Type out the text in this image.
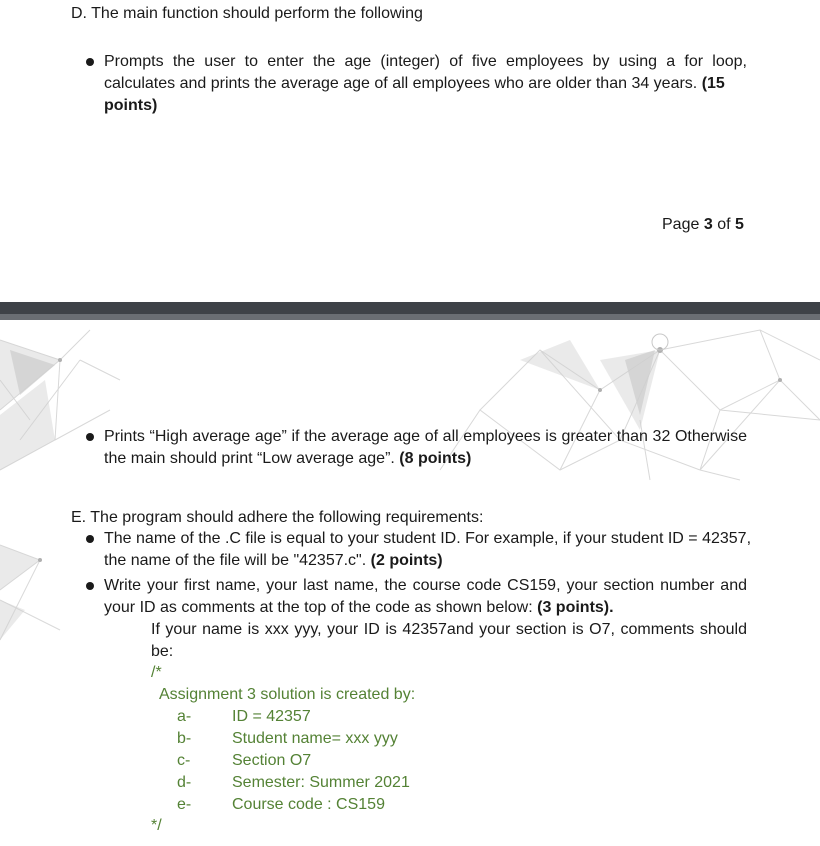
D. The main function should perform the following
Prompts the user to enter the age (integer) of five employees by using a for loop,
calculates and prints the average age of all employees who are older than 34 years. (15
points)
Page 3 of 5
Prints “High average age” if the average age of all employees is greater than 32 Otherwise
the main should print “Low average age”. (8 points)
E. The program should adhere the following requirements:
The name of the .C file is equal to your student ID. For example, if your student ID = 42357,
the name of the file will be "42357.c". (2 points)
Write your first name, your last name, the course code CS159, your section number and
your ID as comments at the top of the code as shown below: (3 points).
If your name is xxx yyy, your ID is 42357and your section is O7, comments should
be:
/*
Assignment 3 solution is created by:
a-	ID = 42357
b-	Student name= xxx yyy
c-	Section O7
d-	Semester: Summer 2021
e-	Course code : CS159
*/
